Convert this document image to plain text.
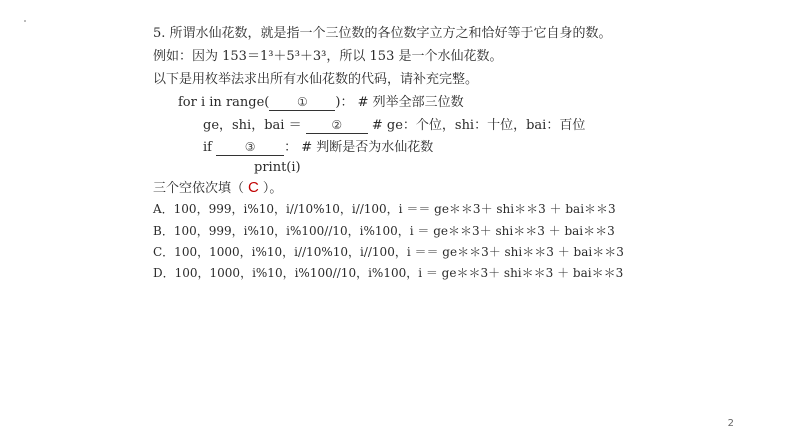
5. 所谓水仙花数，就是指一个三位数的各位数字立方之和恰好等于它自身的数。
例如：因为 153＝1³＋5³＋3³，所以 153 是一个水仙花数。
以下是用枚举法求出所有水仙花数的代码，请补充完整。
for i in range( ① )： # 列举全部三位数
ge，shi，bai ＝ ② # ge：个位，shi：十位，bai：百位
if ③ ： # 判断是否为水仙花数
print(i)
三个空依次填（ C ）。
A．100，999，i%10，i//10%10，i//100，i ＝＝ ge＊＊3＋ shi＊＊3 ＋ bai＊＊3
B．100，999，i%10，i%100//10，i%100，i ＝ ge＊＊3＋ shi＊＊3 ＋ bai＊＊3
C．100，1000，i%10，i//10%10，i//100，i ＝＝ ge＊＊3＋ shi＊＊3 ＋ bai＊＊3
D．100，1000，i%10，i%100//10，i%100，i ＝ ge＊＊3＋ shi＊＊3 ＋ bai＊＊3
2
